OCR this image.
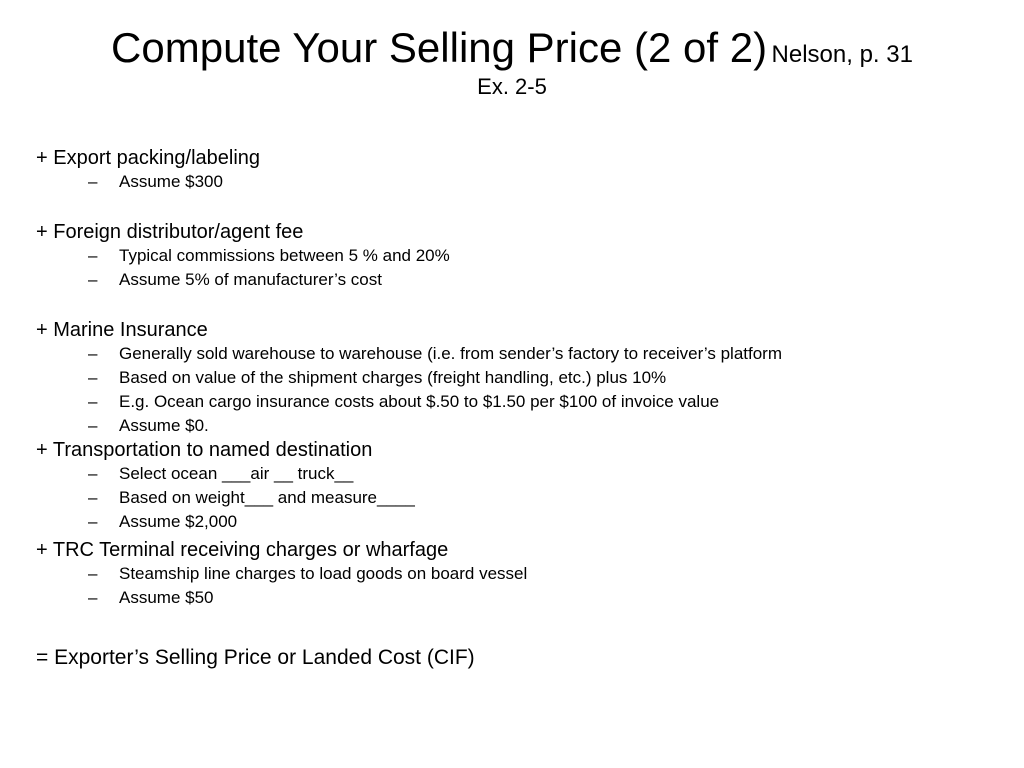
Compute Your Selling Price (2 of 2) Nelson, p. 31
Ex. 2-5
+ Export packing/labeling
– Assume $300
+ Foreign distributor/agent fee
– Typical commissions between 5 % and 20%
– Assume 5% of manufacturer’s cost
+ Marine Insurance
– Generally sold warehouse to warehouse (i.e. from sender’s factory to receiver’s platform
– Based on value of the shipment charges (freight handling, etc.) plus 10%
– E.g. Ocean cargo insurance costs about $.50 to $1.50 per $100 of invoice value
– Assume $0.
+ Transportation to named destination
– Select ocean ___air __ truck__
– Based on weight___ and measure____
– Assume $2,000
+ TRC Terminal receiving charges or wharfage
– Steamship line charges to load goods on board vessel
– Assume $50
= Exporter’s Selling Price or Landed Cost (CIF)
